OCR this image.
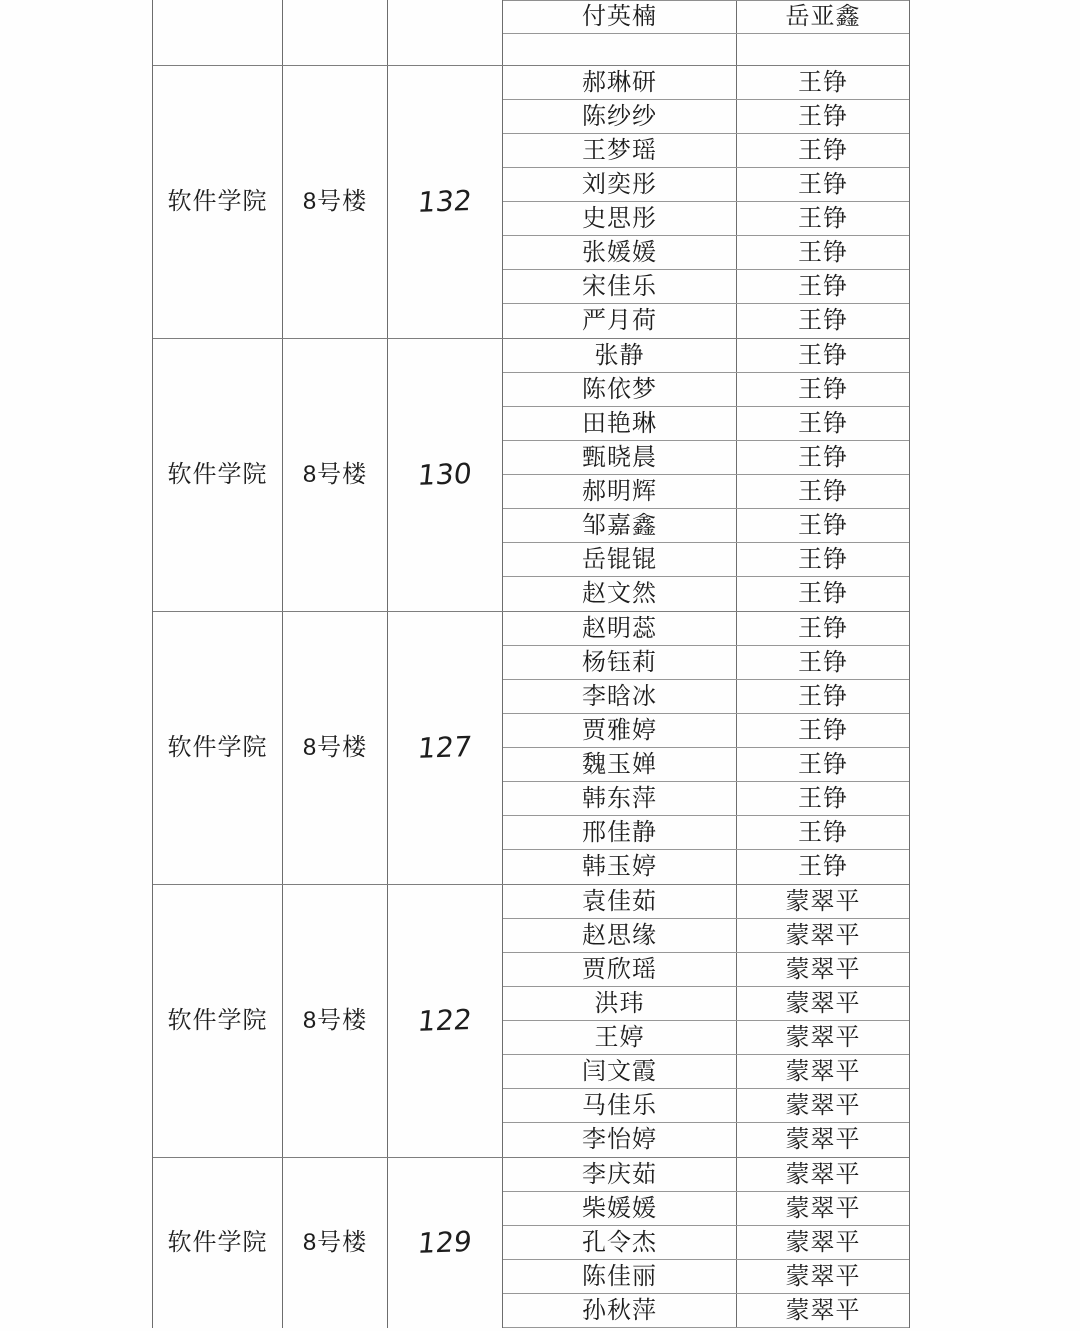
付英楠	岳亚鑫
软件学院 8号楼 132
郝琳研	王铮
陈纱纱	王铮
王梦瑶	王铮
刘奕彤	王铮
史思彤	王铮
张媛媛	王铮
宋佳乐	王铮
严月荷	王铮
软件学院 8号楼 130
张静	王铮
陈依梦	王铮
田艳琳	王铮
甄晓晨	王铮
郝明辉	王铮
邹嘉鑫	王铮
岳锟锟	王铮
赵文然	王铮
软件学院 8号楼 127
赵明蕊	王铮
杨钰莉	王铮
李晗冰	王铮
贾雅婷	王铮
魏玉婵	王铮
韩东萍	王铮
邢佳静	王铮
韩玉婷	王铮
软件学院 8号楼 122
袁佳茹	蒙翠平
赵思缘	蒙翠平
贾欣瑶	蒙翠平
洪玮	蒙翠平
王婷	蒙翠平
闫文霞	蒙翠平
马佳乐	蒙翠平
李怡婷	蒙翠平
软件学院 8号楼 129
李庆茹	蒙翠平
柴媛媛	蒙翠平
孔令杰	蒙翠平
陈佳丽	蒙翠平
孙秋萍	蒙翠平
